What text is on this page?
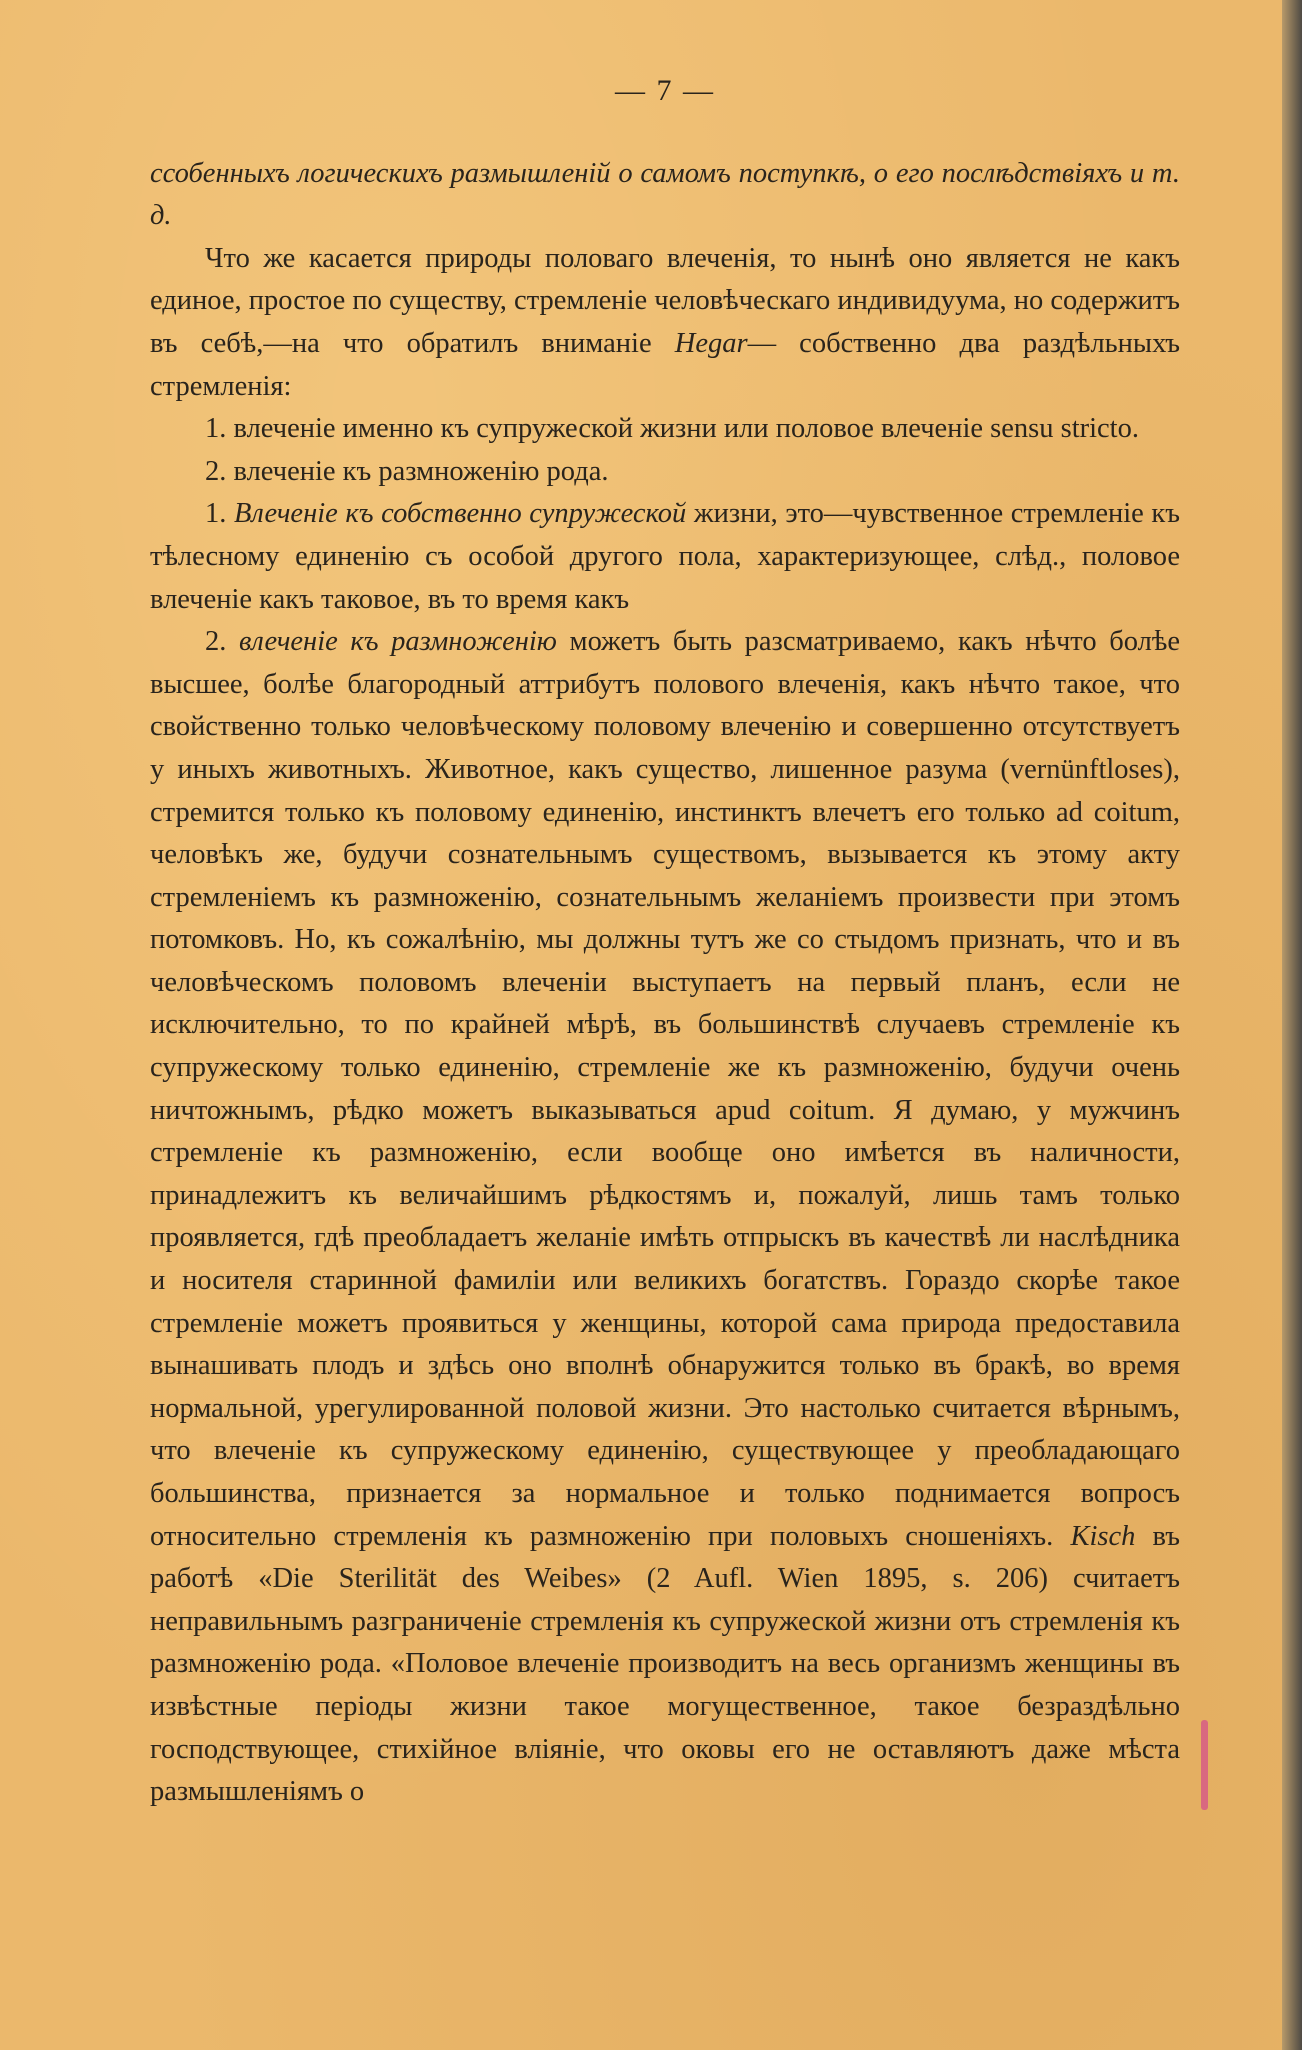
— 7 —

ссобенныхъ логическихъ размышленій о самомъ поступкѣ, о его послѣдствіяхъ и т. д.

Что же касается природы половаго влеченія, то нынѣ оно является не какъ единое, простое по существу, стремленіе человѣческаго индивидуума, но содержитъ въ себѣ,—на что обратилъ вниманіе Hegar— собственно два раздѣльныхъ стремленія:

1. влеченіе именно къ супружеской жизни или половое влеченіе sensu stricto.

2. влеченіе къ размноженію рода.

1. Влеченіе къ собственно супружеской жизни, это—чувственное стремленіе къ тѣлесному единенію съ особой другого пола, характеризующее, слѣд., половое влеченіе какъ таковое, въ то время какъ

2. влеченіе къ размноженію можетъ быть разсматриваемо, какъ нѣчто болѣе высшее, болѣе благородный аттрибутъ полового влеченія, какъ нѣчто такое, что свойственно только человѣческому половому влеченію и совершенно отсутствуетъ у иныхъ животныхъ. Животное, какъ существо, лишенное разума (vernünftloses), стремится только къ половому единенію, инстинктъ влечетъ его только ad coitum, человѣкъ же, будучи сознательнымъ существомъ, вызывается къ этому акту стремленіемъ къ размноженію, сознательнымъ желаніемъ произвести при этомъ потомковъ. Но, къ сожалѣнію, мы должны тутъ же со стыдомъ признать, что и въ человѣческомъ половомъ влеченіи выступаетъ на первый планъ, если не исключительно, то по крайней мѣрѣ, въ большинствѣ случаевъ стремленіе къ супружескому только единенію, стремленіе же къ размноженію, будучи очень ничтожнымъ, рѣдко можетъ выказываться apud coitum. Я думаю, у мужчинъ стремленіе къ размноженію, если вообще оно имѣется въ наличности, принадлежитъ къ величайшимъ рѣдкостямъ и, пожалуй, лишь тамъ только проявляется, гдѣ преобладаетъ желаніе имѣть отпрыскъ въ качествѣ ли наслѣдника и носителя старинной фамиліи или великихъ богатствъ. Гораздо скорѣе такое стремленіе можетъ проявиться у женщины, которой сама природа предоставила вынашивать плодъ и здѣсь оно вполнѣ обнаружится только въ бракѣ, во время нормальной, урегулированной половой жизни. Это настолько считается вѣрнымъ, что влеченіе къ супружескому единенію, существующее у преобладающаго большинства, признается за нормальное и только поднимается вопросъ относительно стремленія къ размноженію при половыхъ сношеніяхъ. Kisch въ работѣ «Die Sterilität des Weibes» (2 Aufl. Wien 1895, s. 206) считаетъ неправильнымъ разграниченіе стремленія къ супружеской жизни отъ стремленія къ размноженію рода. «Половое влеченіе производитъ на весь организмъ женщины въ извѣстные періоды жизни такое могущественное, такое безраздѣльно господствующее, стихійное вліяніе, что оковы его не оставляютъ даже мѣста размышленіямъ о
